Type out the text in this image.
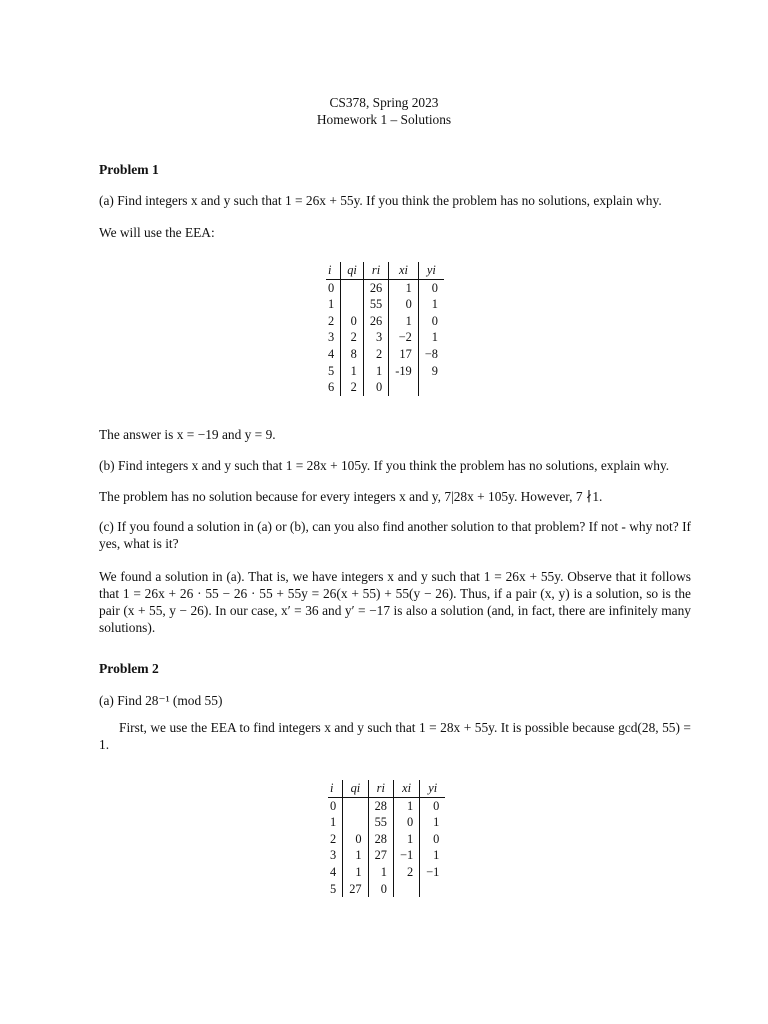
CS378, Spring 2023

Homework 1 – Solutions

Problem 1

(a) Find integers x and y such that 1 = 26x + 55y. If you think the problem has no solutions, explain why.

We will use the EEA:

i	qi	ri	xi	yi
0		26	1	0
1		55	0	1
2	0	26	1	0
3	2	3	−2	1
4	8	2	17	−8
5	1	1	-19	9
6	2	0		

The answer is x = −19 and y = 9.

(b) Find integers x and y such that 1 = 28x + 105y. If you think the problem has no solutions, explain why.

The problem has no solution because for every integers x and y, 7|28x + 105y. However, 7 ∤1.

(c) If you found a solution in (a) or (b), can you also find another solution to that problem? If not - why not? If yes, what is it?

We found a solution in (a). That is, we have integers x and y such that 1 = 26x + 55y. Observe that it follows that 1 = 26x + 26 · 55 − 26 · 55 + 55y = 26(x + 55) + 55(y − 26). Thus, if a pair (x, y) is a solution, so is the pair (x + 55, y − 26). In our case, x′ = 36 and y′ = −17 is also a solution (and, in fact, there are infinitely many solutions).

Problem 2

(a) Find 28⁻¹ (mod 55)

First, we use the EEA to find integers x and y such that 1 = 28x + 55y. It is possible because gcd(28, 55) = 1.

i	qi	ri	xi	yi
0		28	1	0
1		55	0	1
2	0	28	1	0
3	1	27	−1	1
4	1	1	2	−1
5	27	0		
